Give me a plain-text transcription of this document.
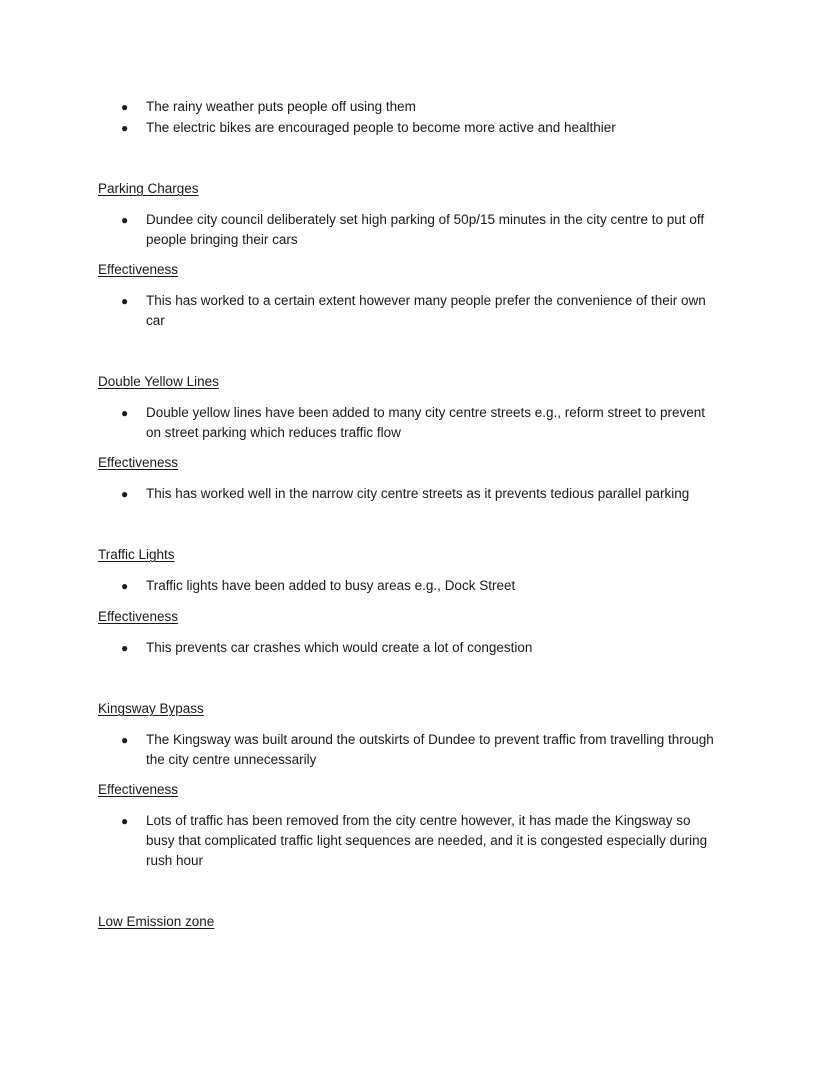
● The rainy weather puts people off using them
● The electric bikes are encouraged people to become more active and healthier
Parking Charges
● Dundee city council deliberately set high parking of 50p/15 minutes in the city centre to put off
people bringing their cars
Effectiveness
● This has worked to a certain extent however many people prefer the convenience of their own
car
Double Yellow Lines
● Double yellow lines have been added to many city centre streets e.g., reform street to prevent
on street parking which reduces traffic flow
Effectiveness
● This has worked well in the narrow city centre streets as it prevents tedious parallel parking
Traffic Lights
● Traffic lights have been added to busy areas e.g., Dock Street
Effectiveness
● This prevents car crashes which would create a lot of congestion
Kingsway Bypass
● The Kingsway was built around the outskirts of Dundee to prevent traffic from travelling through
the city centre unnecessarily
Effectiveness
● Lots of traffic has been removed from the city centre however, it has made the Kingsway so
busy that complicated traffic light sequences are needed, and it is congested especially during
rush hour
Low Emission zone
